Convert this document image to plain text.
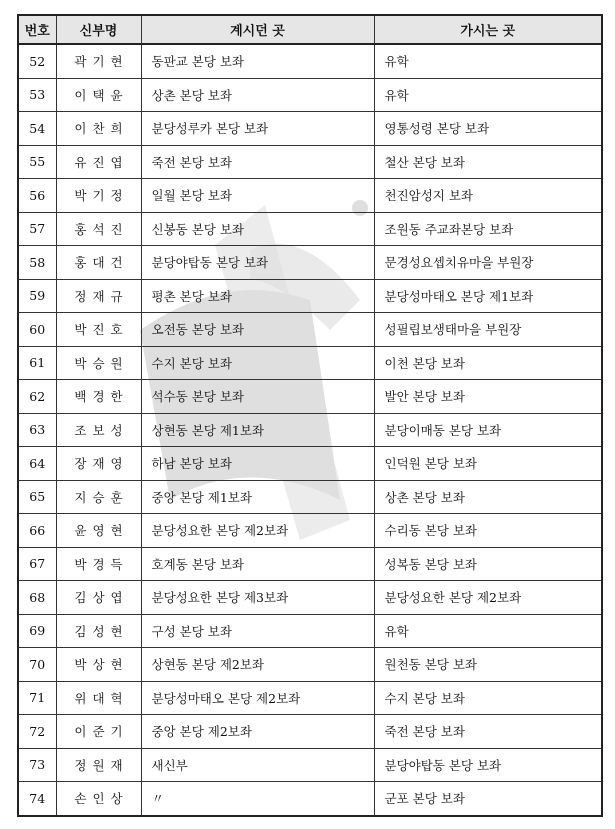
번호	신부명	계시던 곳	가시는 곳
52	곽기현	동판교 본당 보좌	유학
53	이택윤	상촌 본당 보좌	유학
54	이찬희	분당성루카 본당 보좌	영통성령 본당 보좌
55	유진엽	죽전 본당 보좌	철산 본당 보좌
56	박기정	일월 본당 보좌	천진암성지 보좌
57	홍석진	신봉동 본당 보좌	조원동 주교좌본당 보좌
58	홍대건	분당야탑동 본당 보좌	문경성요셉치유마을 부원장
59	정재규	평촌 본당 보좌	분당성마태오 본당 제1보좌
60	박진호	오전동 본당 보좌	성필립보생태마을 부원장
61	박승원	수지 본당 보좌	이천 본당 보좌
62	백경한	석수동 본당 보좌	발안 본당 보좌
63	조보성	상현동 본당 제1보좌	분당이매동 본당 보좌
64	장재영	하남 본당 보좌	인덕원 본당 보좌
65	지승훈	중앙 본당 제1보좌	상촌 본당 보좌
66	윤영현	분당성요한 본당 제2보좌	수리동 본당 보좌
67	박경득	호계동 본당 보좌	성복동 본당 보좌
68	김상엽	분당성요한 본당 제3보좌	분당성요한 본당 제2보좌
69	김성현	구성 본당 보좌	유학
70	박상현	상현동 본당 제2보좌	원천동 본당 보좌
71	위대혁	분당성마태오 본당 제2보좌	수지 본당 보좌
72	이준기	중앙 본당 제2보좌	죽전 본당 보좌
73	정원재	새신부	분당야탑동 본당 보좌
74	손인상	〃	군포 본당 보좌
